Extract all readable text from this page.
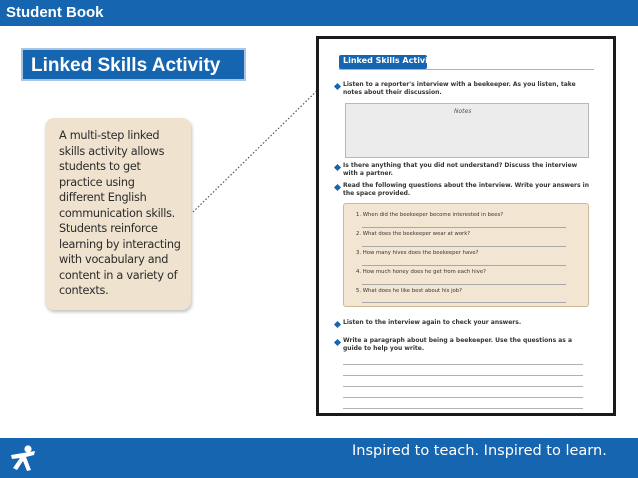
Student Book
Linked Skills Activity
A multi-step linked
skills activity allows
students to get
practice using
different English
communication skills.
Students reinforce
learning by interacting
with vocabulary and
content in a variety of
contexts.
Linked Skills Activity
Listen to a reporter's interview with a beekeeper. As you listen, take notes about their discussion.
Notes
Is there anything that you did not understand? Discuss the interview with a partner.
Read the following questions about the interview. Write your answers in the space provided.
1. When did the beekeeper become interested in bees?
2. What does the beekeeper wear at work?
3. How many hives does the beekeeper have?
4. How much honey does he get from each hive?
5. What does he like best about his job?
Listen to the interview again to check your answers.
Write a paragraph about being a beekeeper. Use the questions as a guide to help you write.
Inspired to teach. Inspired to learn.
